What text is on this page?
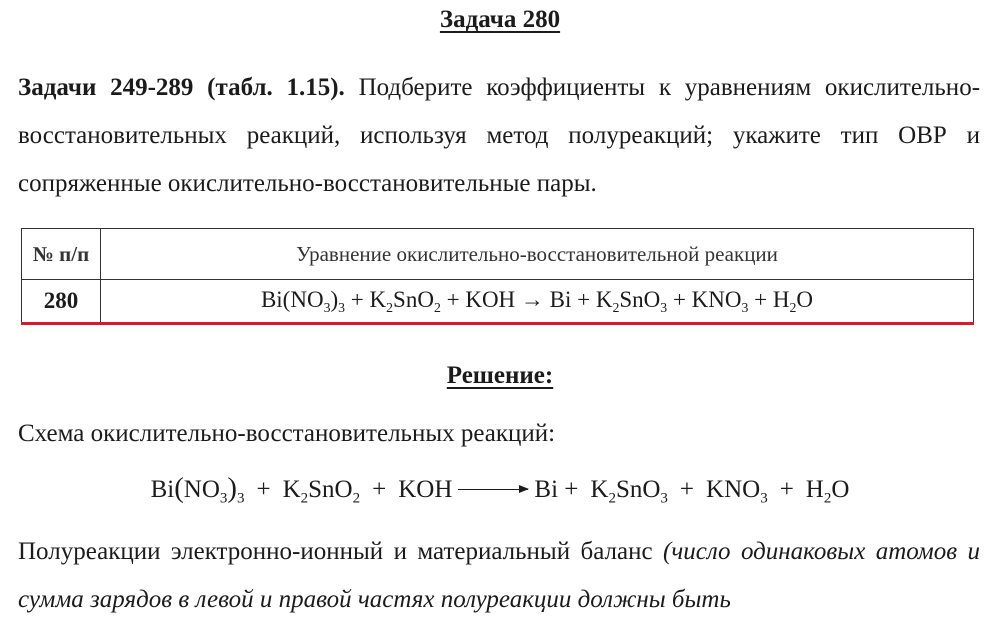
Задача 280
Задачи 249-289 (табл. 1.15). Подберите коэффициенты к уравнениям окислительно-восстановительных реакций, используя метод полуреакций; укажите тип ОВР и сопряженные окислительно-восстановительные пары.
№ п/п	Уравнение окислительно-восстановительной реакции
280	$Bi(NO_3)_3 + K_2SnO_2$ + KOH → $Bi + K_2SnO_3 + KNO_3 + H_2O$
Решение:
Схема окислительно-восстановительных реакций:
$Bi(NO_3)_3 + K_2SnO_2$ + KOH → $Bi + K_2SnO_3 + KNO_3 + H_2O$
Полуреакции электронно-ионный и материальный баланс (число одинаковых атомов и сумма зарядов в левой и правой частях полуреакции должны быть
